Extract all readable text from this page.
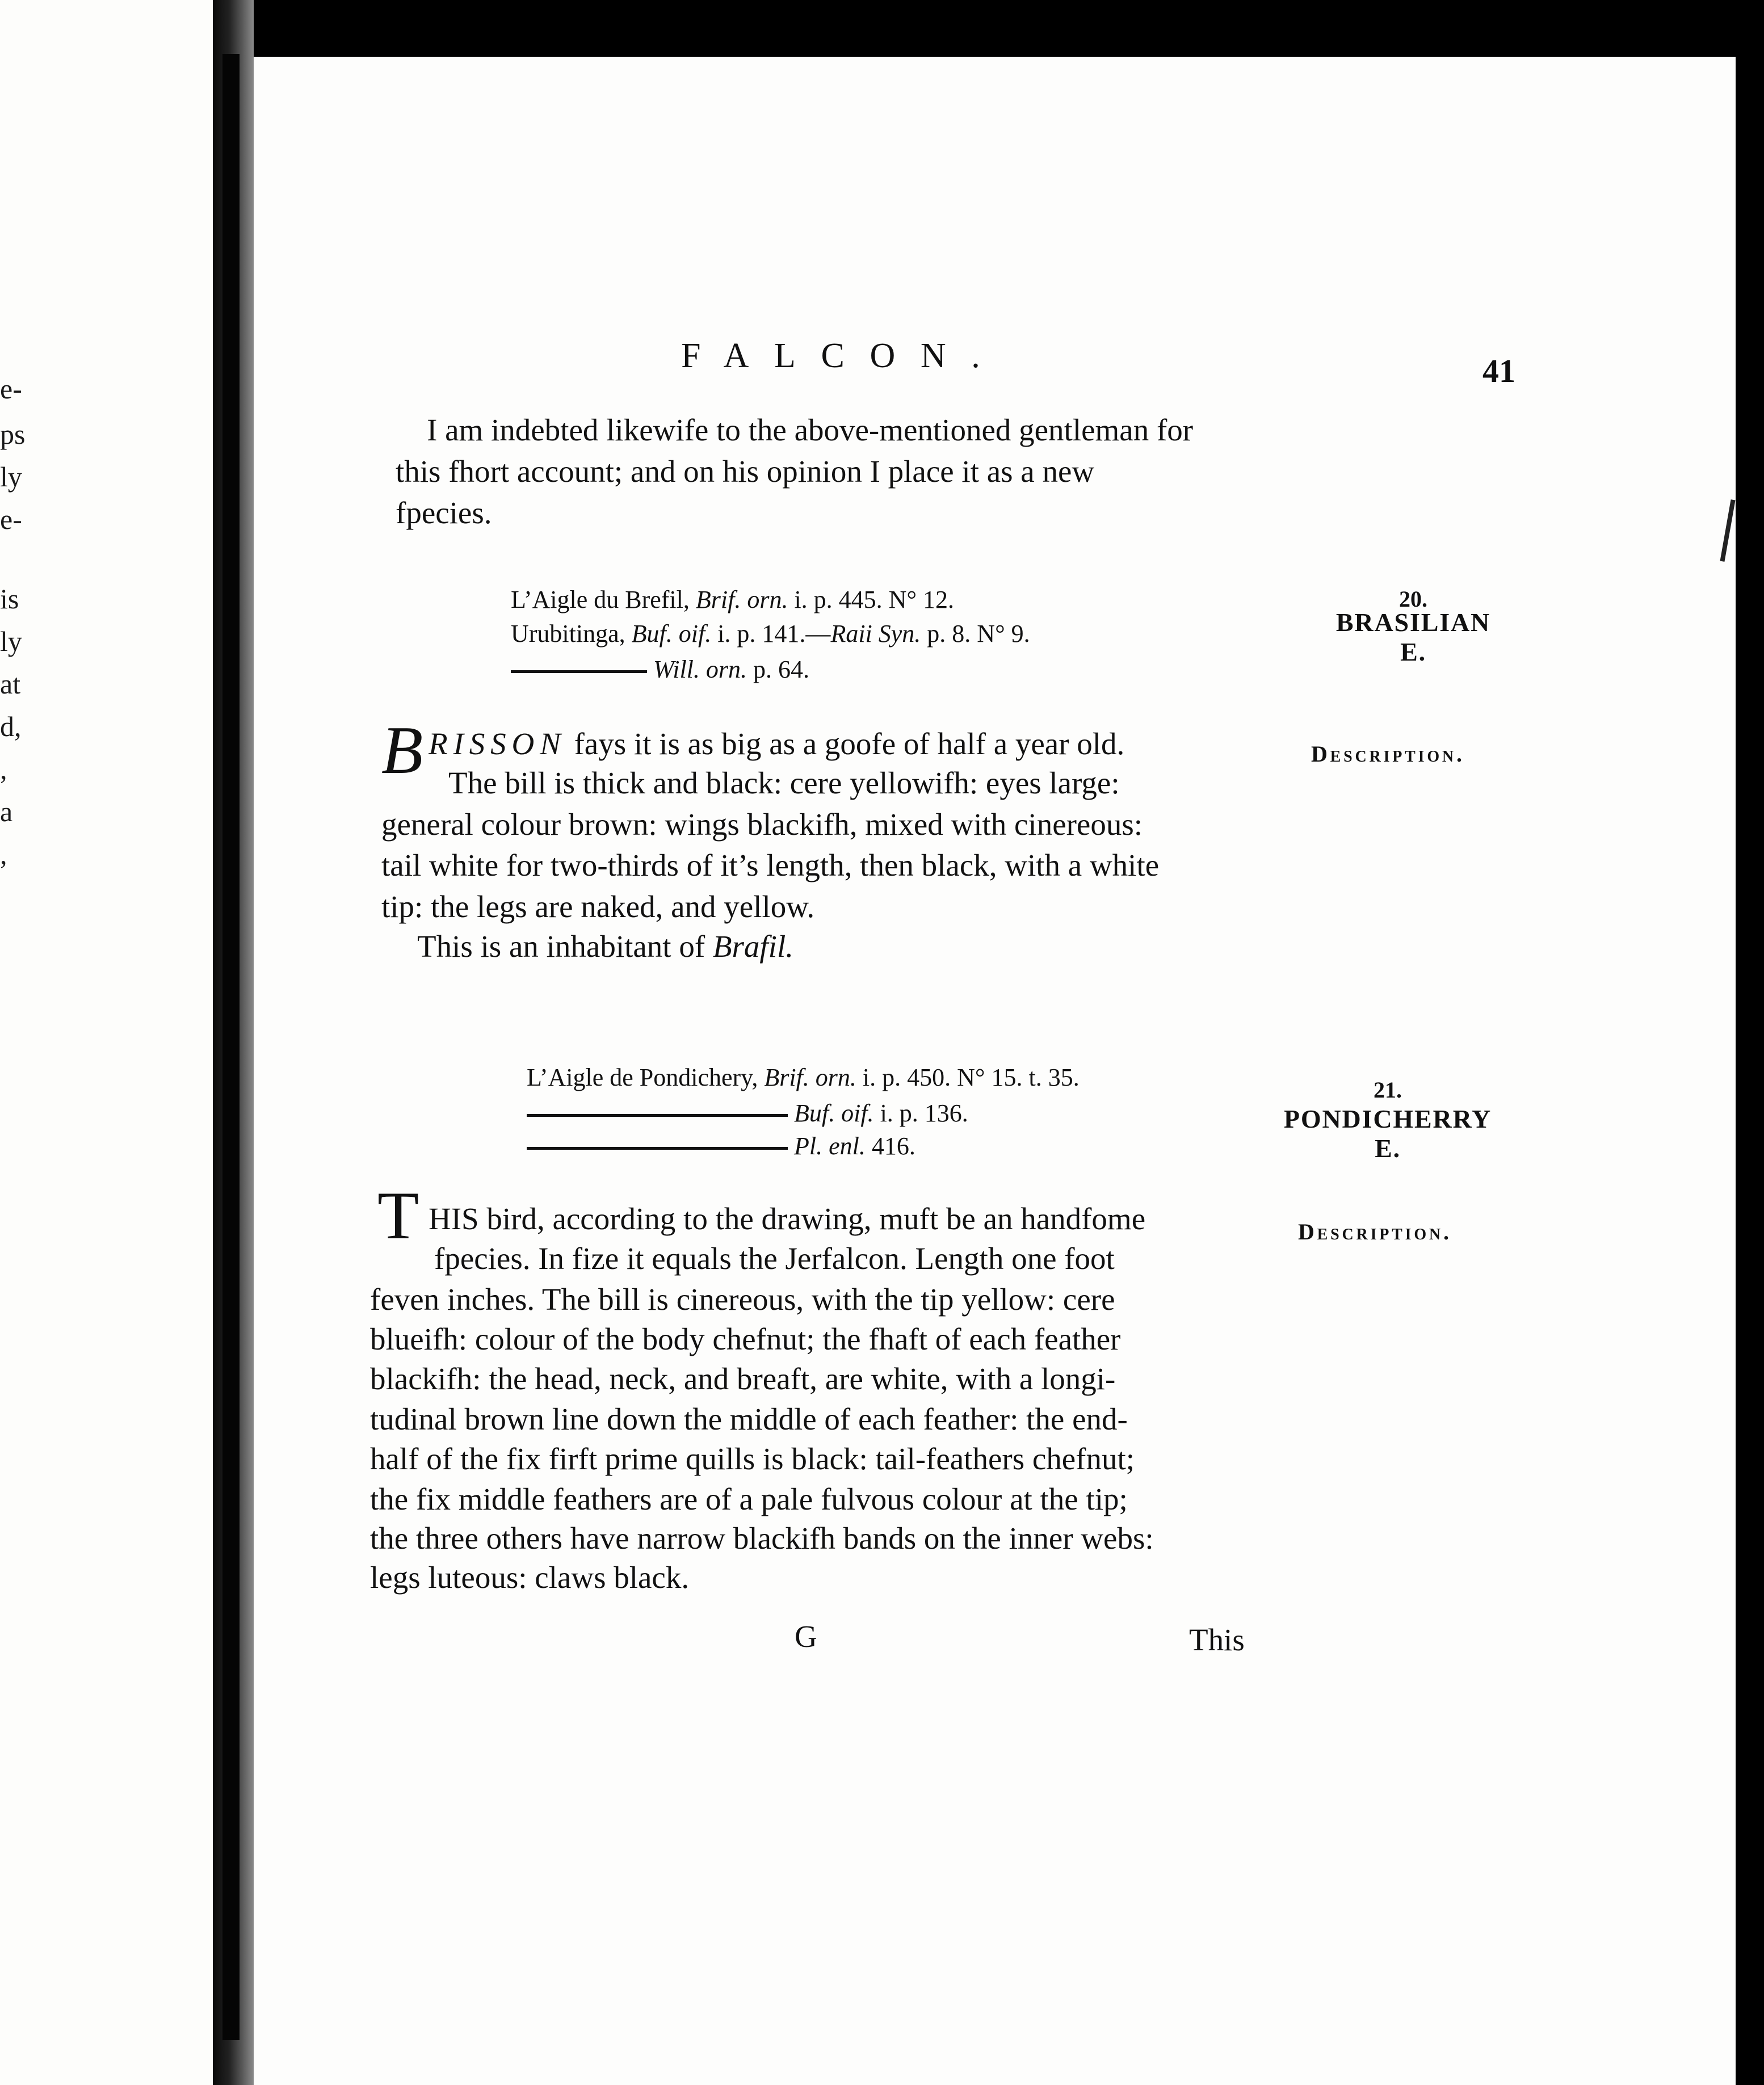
e-
ps
ly
e-
is
ly
at
d,
,
a
,
FALCON.	41
I am indebted likewife to the above-mentioned gentleman for
this fhort account; and on his opinion I place it as a new
fpecies.
L’Aigle du Brefil, Brif. orn. i. p. 445. N° 12.
Urubitinga, Buf. oif. i. p. 141.—Raii Syn. p. 8. N° 9.
Will. orn. p. 64.
20.
BRASILIAN
E.
Description.
B RISSON fays it is as big as a goofe of half a year old.
The bill is thick and black: cere yellowifh: eyes large:
general colour brown: wings blackifh, mixed with cinereous:
tail white for two-thirds of it’s length, then black, with a white
tip: the legs are naked, and yellow.
This is an inhabitant of Brafil.
L’Aigle de Pondichery, Brif. orn. i. p. 450. N° 15. t. 35.
Buf. oif. i. p. 136.
Pl. enl. 416.
21.
PONDICHERRY
E.
Description.
T HIS bird, according to the drawing, muft be an handfome
fpecies. In fize it equals the Jerfalcon. Length one foot
feven inches. The bill is cinereous, with the tip yellow: cere
blueifh: colour of the body chefnut; the fhaft of each feather
blackifh: the head, neck, and breaft, are white, with a longi-
tudinal brown line down the middle of each feather: the end-
half of the fix firft prime quills is black: tail-feathers chefnut;
the fix middle feathers are of a pale fulvous colour at the tip;
the three others have narrow blackifh bands on the inner webs:
legs luteous: claws black.
G	This
